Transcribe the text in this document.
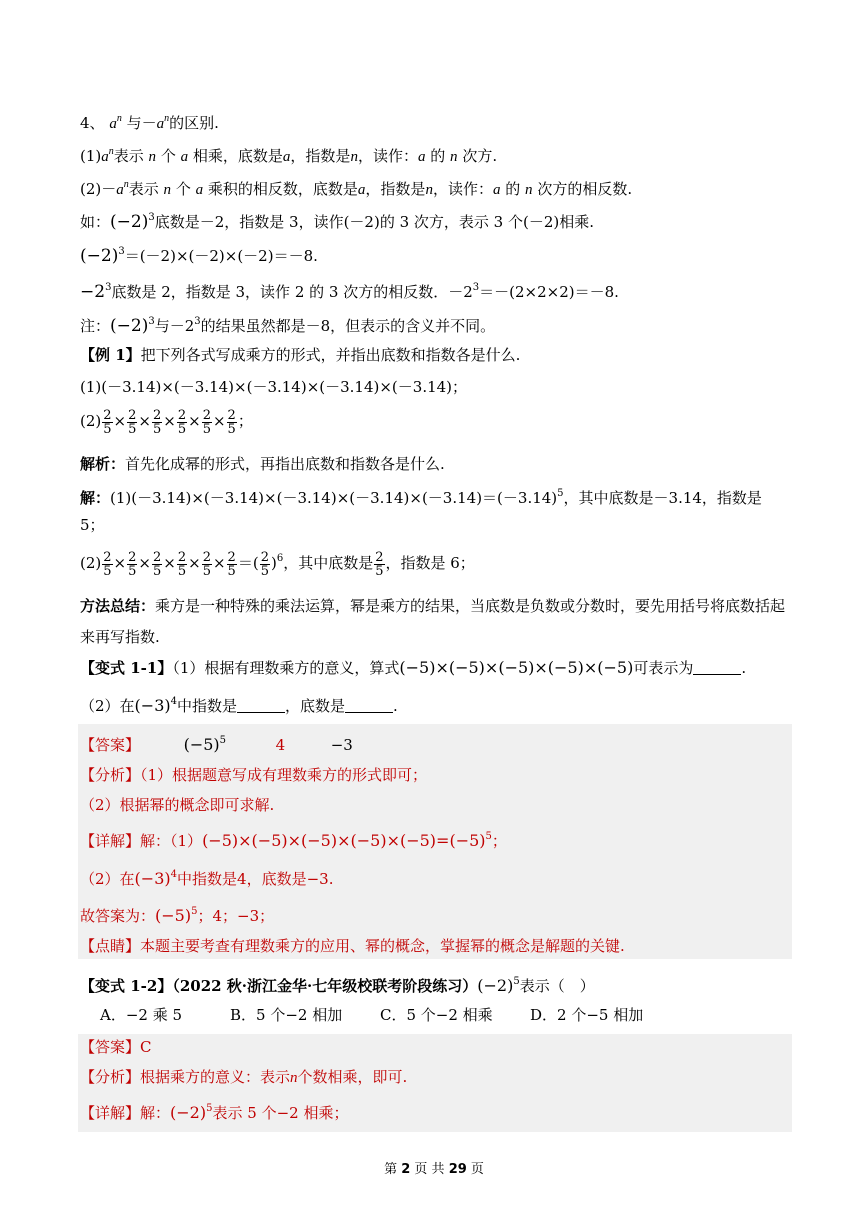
4、 $a^n$ 与$-a^n$的区别.
$(1)a^n$表示 n 个 a 相乘，底数是a，指数是n，读作：a 的 n 次方.
$(2)-a^n$表示 n 个 a 乘积的相反数，底数是a，指数是n，读作：a 的 n 次方的相反数.
如：$(-2)^3$底数是－2，指数是 3，读作(－2)的 3 次方，表示 3 个(－2)相乘.
$(-2)^3=(-2)\times(-2)\times(-2)=-8$.
$-2^3$底数是 2，指数是 3，读作 2 的 3 次方的相反数．$-2^3=-(2\times 2\times 2)=-8$.
注：$(-2)^3$与$-2^3$的结果虽然都是－8，但表示的含义并不同。
【例 1】把下列各式写成乘方的形式，并指出底数和指数各是什么.
(1)(－3.14)×(－3.14)×(－3.14)×(－3.14)×(－3.14)；
$(2) \frac{2}{5} \times \frac{2}{5} \times \frac{2}{5} \times \frac{2}{5} \times \frac{2}{5} \times \frac{2}{5}$ ；
解析：首先化成幂的形式，再指出底数和指数各是什么.
解：$(1)(-3.14)\times(-3.14)\times(-3.14)\times(-3.14)\times(-3.14)=(-3.14)^5$，其中底数是－3.14，指数是
5；
$(2) \frac{2}{5} \times \frac{2}{5} \times \frac{2}{5} \times \frac{2}{5} \times \frac{2}{5} \times \frac{2}{5}$ ＝( $\frac{2}{5} )^6$，其中底数是 $\frac{2}{5}$ ，指数是 6；
方法总结：乘方是一种特殊的乘法运算，幂是乘方的结果，当底数是负数或分数时，要先用括号将底数括起来再写指数.
【变式 1-1】（1）根据有理数乘方的意义，算式(−5)×(−5)×(−5)×(−5)×(−5)可表示为	.
（2）在$(-3)^4$中指数是	，底数是	.
【答案】	$(-5)^5$	4	−3
【分析】（1）根据题意写成有理数乘方的形式即可；
（2）根据幂的概念即可求解.
【详解】解：$(1)(-5)\times(-5)\times(-5)\times(-5)\times(-5)=(-5)^5$；
（2）在$(-3)^4$中指数是4，底数是−3.
故答案为：$(-5)^5$；4；−3；
【点睛】本题主要考查有理数乘方的应用、幂的概念，掌握幂的概念是解题的关键.
【变式 1-2】（2022 秋·浙江金华·七年级校联考阶段练习）$(-2)^5$表示（　）
A．−2 乘 5	B．5 个−2 相加	C．5 个−2 相乘 D．2 个−5 相加
【答案】C
【分析】根据乘方的意义：表示n个数相乘，即可.
【详解】解：$(-2)^5$表示 5 个−2 相乘；
第 2 页 共 29 页
